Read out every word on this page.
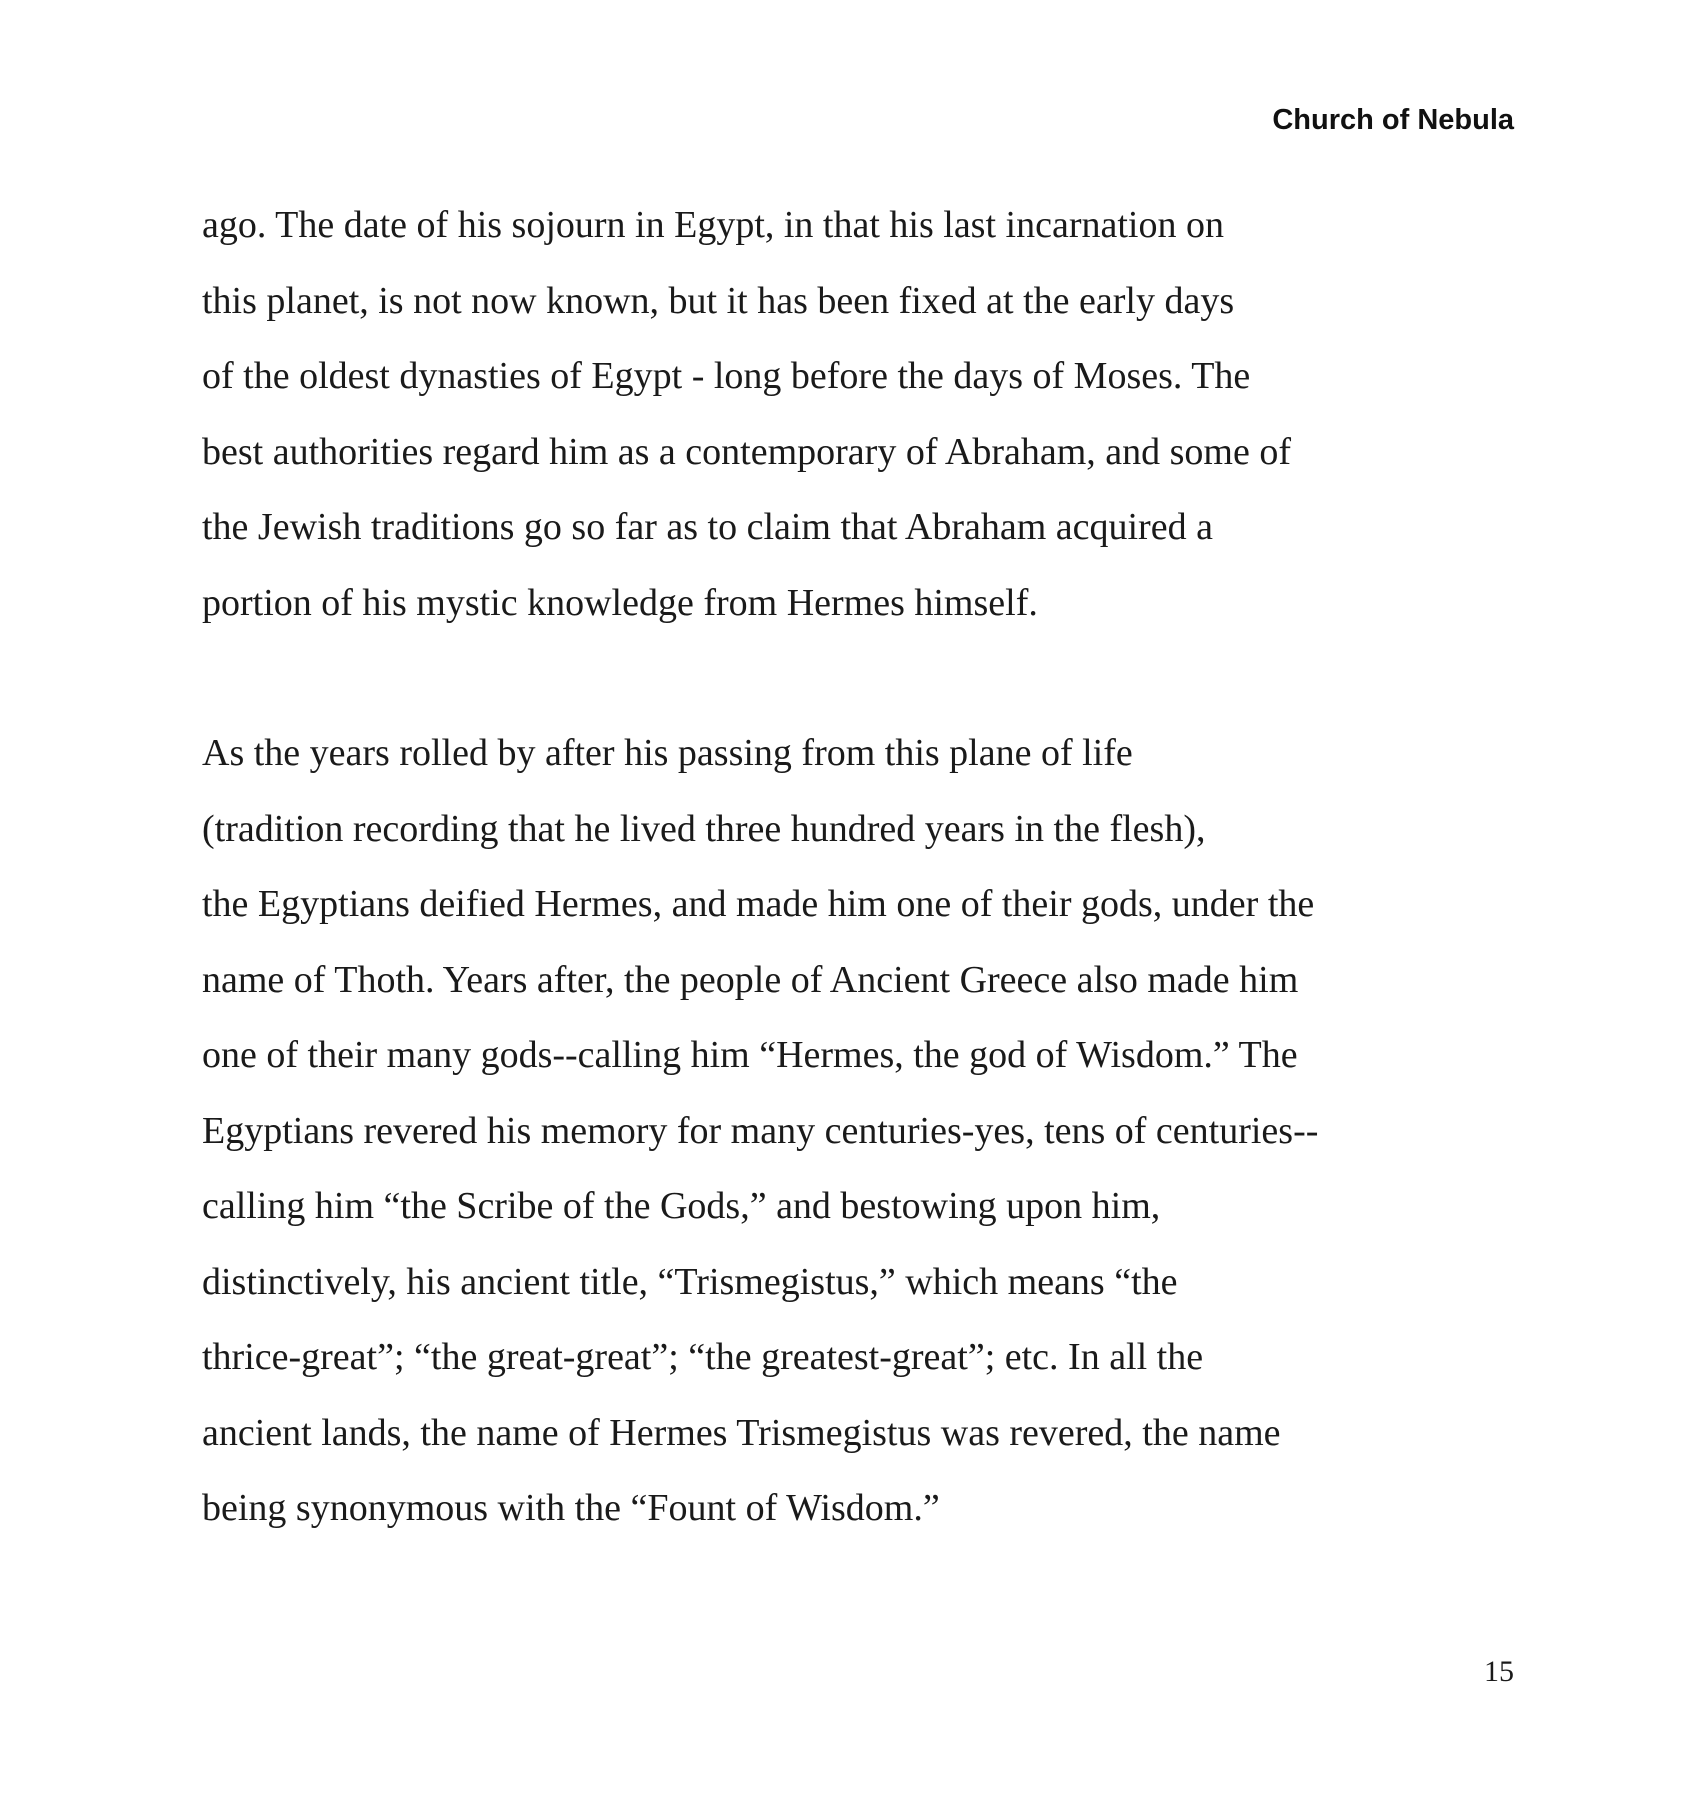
Church of Nebula
ago. The date of his sojourn in Egypt, in that his last incarnation on
this planet, is not now known, but it has been fixed at the early days
of the oldest dynasties of Egypt - long before the days of Moses. The
best authorities regard him as a contemporary of Abraham, and some of
the Jewish traditions go so far as to claim that Abraham acquired a
portion of his mystic knowledge from Hermes himself.
As the years rolled by after his passing from this plane of life
(tradition recording that he lived three hundred years in the flesh),
the Egyptians deified Hermes, and made him one of their gods, under the
name of Thoth. Years after, the people of Ancient Greece also made him
one of their many gods--calling him “Hermes, the god of Wisdom.” The
Egyptians revered his memory for many centuries-yes, tens of centuries--
calling him “the Scribe of the Gods,” and bestowing upon him,
distinctively, his ancient title, “Trismegistus,” which means “the
thrice-great”; “the great-great”; “the greatest-great”; etc. In all the
ancient lands, the name of Hermes Trismegistus was revered, the name
being synonymous with the “Fount of Wisdom.”
15
